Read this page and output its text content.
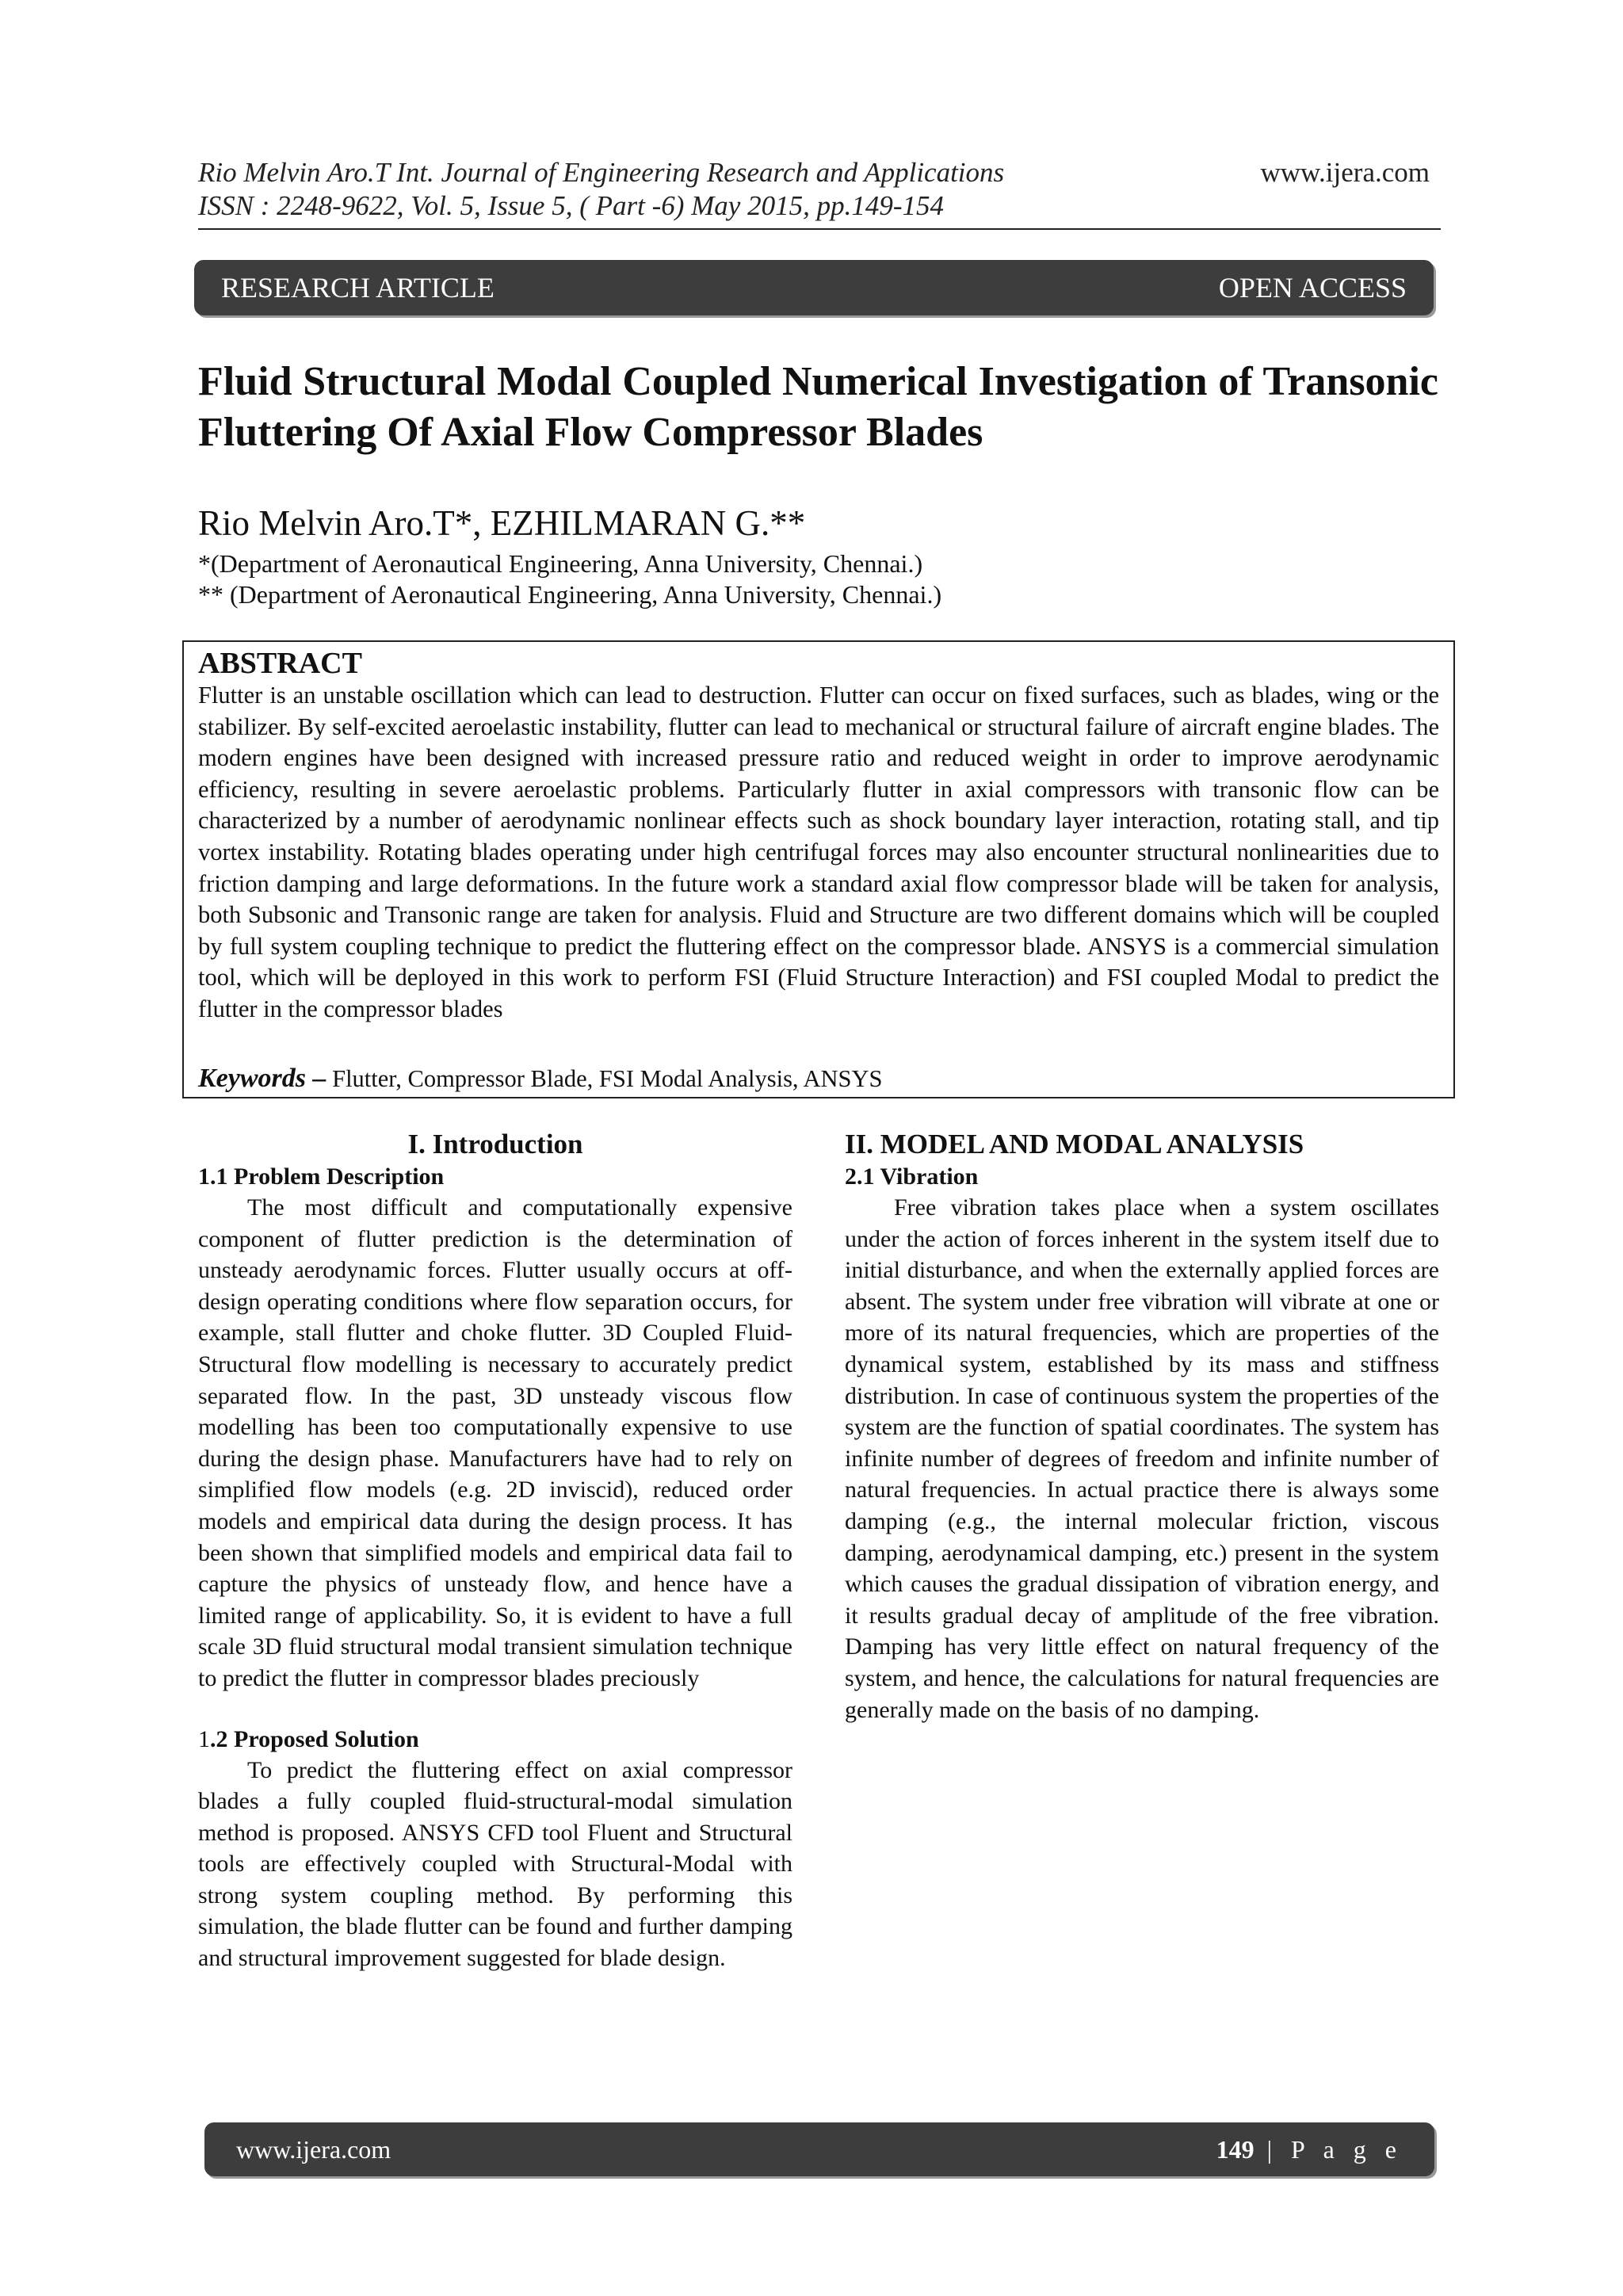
Rio Melvin Aro.T Int. Journal of Engineering Research and Applications
ISSN : 2248-9622, Vol. 5, Issue 5, ( Part -6) May 2015, pp.149-154
www.ijera.com
RESEARCH ARTICLE	OPEN ACCESS
Fluid Structural Modal Coupled Numerical Investigation of Transonic Fluttering Of Axial Flow Compressor Blades
Rio Melvin Aro.T*, EZHILMARAN G.**
*(Department of Aeronautical Engineering, Anna University, Chennai.)
** (Department of Aeronautical Engineering, Anna University, Chennai.)
ABSTRACT
Flutter is an unstable oscillation which can lead to destruction. Flutter can occur on fixed surfaces, such as blades, wing or the stabilizer. By self-excited aeroelastic instability, flutter can lead to mechanical or structural failure of aircraft engine blades. The modern engines have been designed with increased pressure ratio and reduced weight in order to improve aerodynamic efficiency, resulting in severe aeroelastic problems. Particularly flutter in axial compressors with transonic flow can be characterized by a number of aerodynamic nonlinear effects such as shock boundary layer interaction, rotating stall, and tip vortex instability. Rotating blades operating under high centrifugal forces may also encounter structural nonlinearities due to friction damping and large deformations. In the future work a standard axial flow compressor blade will be taken for analysis, both Subsonic and Transonic range are taken for analysis. Fluid and Structure are two different domains which will be coupled by full system coupling technique to predict the fluttering effect on the compressor blade. ANSYS is a commercial simulation tool, which will be deployed in this work to perform FSI (Fluid Structure Interaction) and FSI coupled Modal to predict the flutter in the compressor blades
Keywords – Flutter, Compressor Blade, FSI Modal Analysis, ANSYS
I. Introduction
1.1 Problem Description

The most difficult and computationally expensive component of flutter prediction is the determination of unsteady aerodynamic forces. Flutter usually occurs at off-design operating conditions where flow separation occurs, for example, stall flutter and choke flutter. 3D Coupled Fluid-Structural flow modelling is necessary to accurately predict separated flow. In the past, 3D unsteady viscous flow modelling has been too computationally expensive to use during the design phase. Manufacturers have had to rely on simplified flow models (e.g. 2D inviscid), reduced order models and empirical data during the design process. It has been shown that simplified models and empirical data fail to capture the physics of unsteady flow, and hence have a limited range of applicability. So, it is evident to have a full scale 3D fluid structural modal transient simulation technique to predict the flutter in compressor blades preciously

1.2 Proposed Solution

To predict the fluttering effect on axial compressor blades a fully coupled fluid-structural-modal simulation method is proposed. ANSYS CFD tool Fluent and Structural tools are effectively coupled with Structural-Modal with strong system coupling method. By performing this simulation, the blade flutter can be found and further damping and structural improvement suggested for blade design.

II. MODEL AND MODAL ANALYSIS
2.1 Vibration

Free vibration takes place when a system oscillates under the action of forces inherent in the system itself due to initial disturbance, and when the externally applied forces are absent. The system under free vibration will vibrate at one or more of its natural frequencies, which are properties of the dynamical system, established by its mass and stiffness distribution. In case of continuous system the properties of the system are the function of spatial coordinates. The system has infinite number of degrees of freedom and infinite number of natural frequencies. In actual practice there is always some damping (e.g., the internal molecular friction, viscous damping, aerodynamical damping, etc.) present in the system which causes the gradual dissipation of vibration energy, and it results gradual decay of amplitude of the free vibration. Damping has very little effect on natural frequency of the system, and hence, the calculations for natural frequencies are generally made on the basis of no damping.

www.ijera.com	149 | P a g e
